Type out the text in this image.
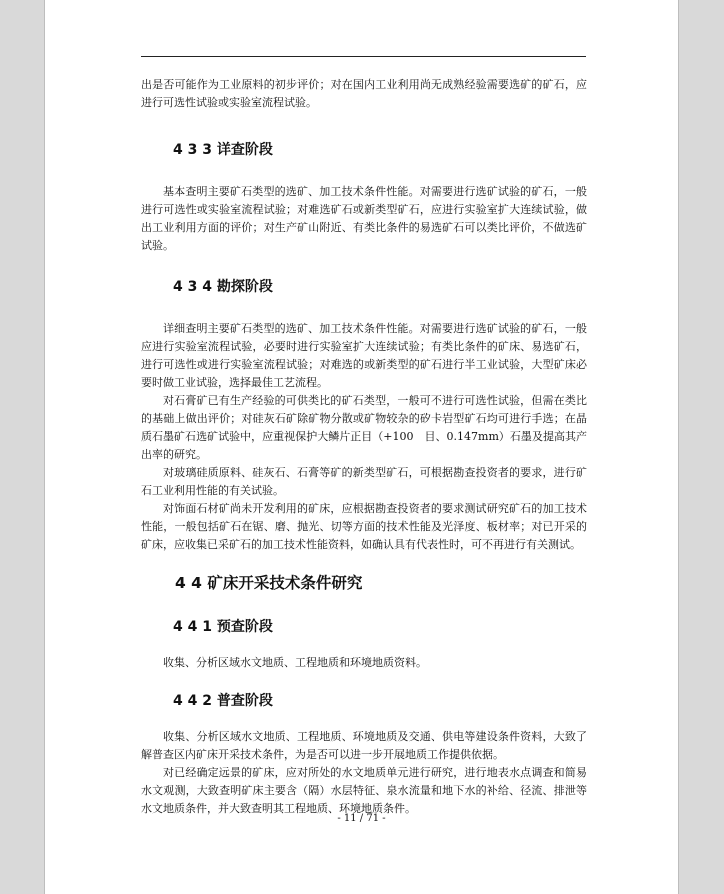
出是否可能作为工业原料的初步评价；对在国内工业利用尚无成熟经验需要选矿的矿石，应进行可选性试验或实验室流程试验。

4 3 3 详查阶段

基本查明主要矿石类型的选矿、加工技术条件性能。对需要进行选矿试验的矿石，一般进行可选性或实验室流程试验；对难选矿石或新类型矿石，应进行实验室扩大连续试验，做出工业利用方面的评价；对生产矿山附近、有类比条件的易选矿石可以类比评价，不做选矿试验。

4 3 4 勘探阶段

详细查明主要矿石类型的选矿、加工技术条件性能。对需要进行选矿试验的矿石，一般应进行实验室流程试验，必要时进行实验室扩大连续试验；有类比条件的矿床、易选矿石，进行可选性或进行实验室流程试验；对难选的或新类型的矿石进行半工业试验，大型矿床必要时做工业试验，选择最佳工艺流程。

对石膏矿已有生产经验的可供类比的矿石类型，一般可不进行可选性试验，但需在类比的基础上做出评价；对硅灰石矿除矿物分散或矿物较杂的矽卡岩型矿石均可进行手选；在晶质石墨矿石选矿试验中，应重视保护大鳞片正目（+100　目、0.147mm）石墨及提高其产出率的研究。

对玻璃硅质原料、硅灰石、石膏等矿的新类型矿石，可根据勘查投资者的要求，进行矿石工业利用性能的有关试验。

对饰面石材矿尚未开发利用的矿床，应根据勘查投资者的要求测试研究矿石的加工技术性能，一般包括矿石在锯、磨、抛光、切等方面的技术性能及光泽度、板材率；对已开采的矿床，应收集已采矿石的加工技术性能资料，如确认具有代表性时，可不再进行有关测试。

4 4 矿床开采技术条件研究
4 4 1 预查阶段

收集、分析区域水文地质、工程地质和环境地质资料。

4 4 2 普查阶段

收集、分析区域水文地质、工程地质、环境地质及交通、供电等建设条件资料，大致了解普查区内矿床开采技术条件，为是否可以进一步开展地质工作提供依据。

对已经确定远景的矿床，应对所处的水文地质单元进行研究，进行地表水点调查和简易水文观测，大致查明矿床主要含（隔）水层特征、泉水流量和地下水的补给、径流、排泄等水文地质条件，并大致查明其工程地质、环境地质条件。

- 11 / 71 -
